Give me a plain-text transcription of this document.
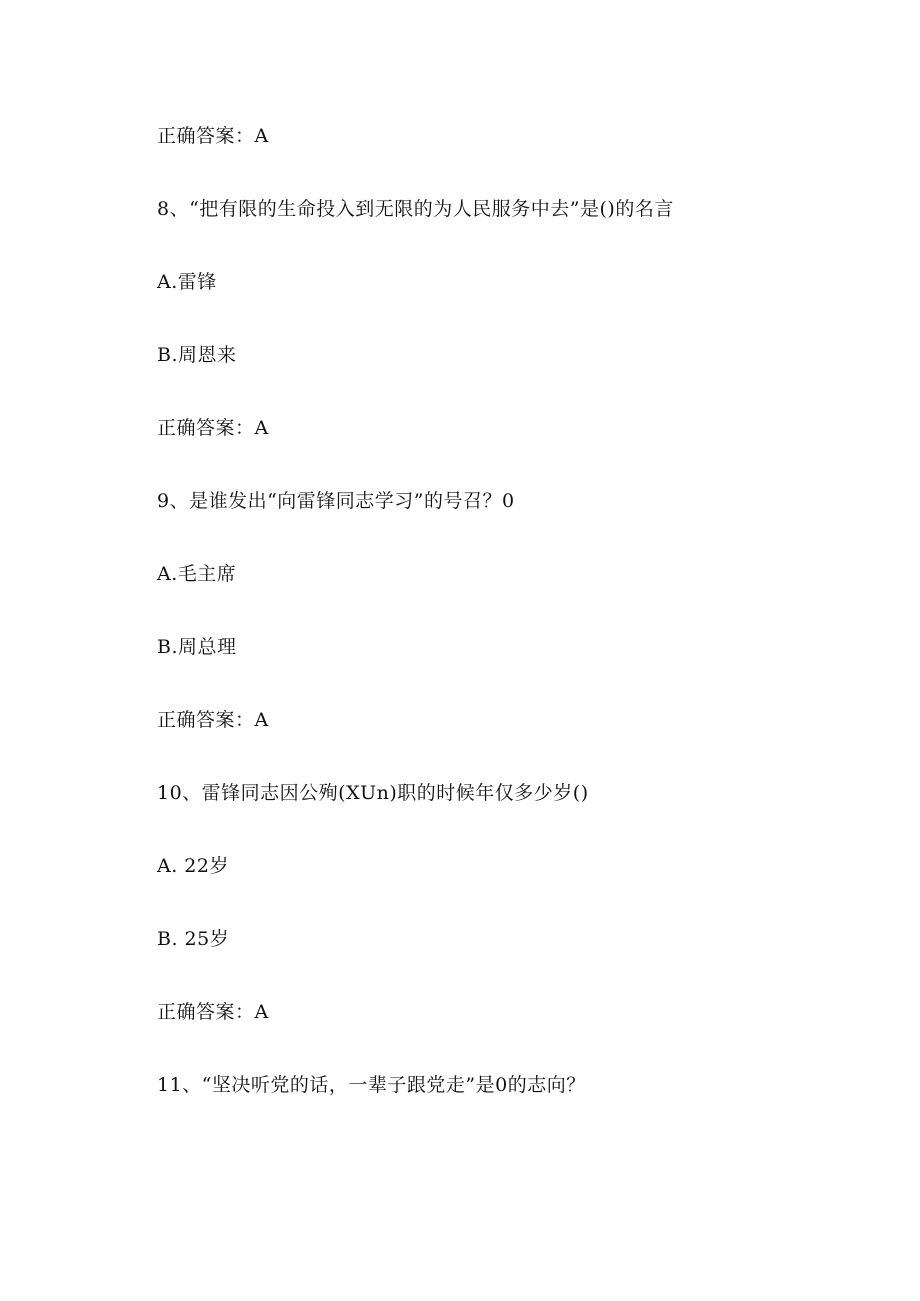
正确答案：A
8、“把有限的生命投入到无限的为人民服务中去”是()的名言
A.雷锋
B.周恩来
正确答案：A
9、是谁发出“向雷锋同志学习”的号召？0
A.毛主席
B.周总理
正确答案：A
10、雷锋同志因公殉(XUn)职的时候年仅多少岁()
A. 22岁
B. 25岁
正确答案：A
11、“坚决听党的话，一辈子跟党走”是0的志向？
